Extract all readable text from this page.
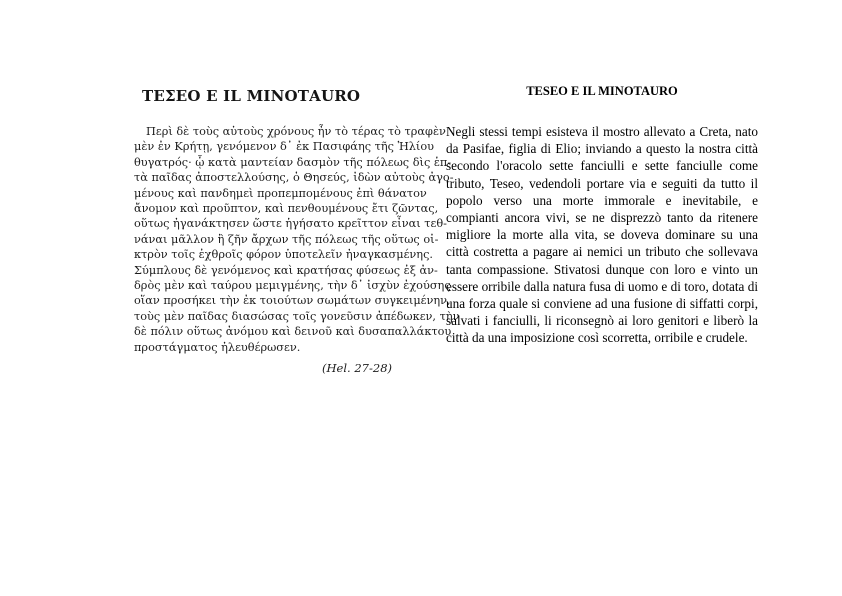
ΤΕΣΕΟ Ε ΙL ΜΙΝΟΤΑURΟ
Περὶ δὲ τοὺς αὐτοὺς χρόνους ἦν τὸ τέρας τὸ τραφὲν
μὲν ἐν Κρήτῃ, γενόμενον δ᾽ ἐκ Πασιφάης τῆς Ἡλίου
θυγατρός· ᾧ κατὰ μαντείαν δασμὸν τῆς πόλεως δὶς ἑπ-
τὰ παῖδας ἀποστελλούσης, ὁ Θησεύς, ἰδὼν αὐτοὺς ἀγο-
μένους καὶ πανδημεὶ προπεμπομένους ἐπὶ θάνατον
ἄνομον καὶ προῦπτον, καὶ πενθουμένους ἔτι ζῶντας,
οὕτως ἠγανάκτησεν ὥστε ἡγήσατο κρεῖττον εἶναι τεθ-
νάναι μᾶλλον ἢ ζῆν ἄρχων τῆς πόλεως τῆς οὕτως οἰ-
κτρὸν τοῖς ἐχθροῖς φόρον ὑποτελεῖν ἠναγκασμένης.
Σύμπλους δὲ γενόμενος καὶ κρατήσας φύσεως ἐξ ἀν-
δρὸς μὲν καὶ ταύρου μεμιγμένης, τὴν δ᾽ ἰσχὺν ἐχούσης
οἵαν προσήκει τὴν ἐκ τοιούτων σωμάτων συγκειμένην,
τοὺς μὲν παῖδας διασώσας τοῖς γονεῦσιν ἀπέδωκεν, τὴν
δὲ πόλιν οὕτως ἀνόμου καὶ δεινοῦ καὶ δυσαπαλλάκτου
προστάγματος ἠλευθέρωσεν.
(Hel. 27-28)
TESEO E IL MINOTAURO

Negli stessi tempi esisteva il mostro allevato a Creta, nato da Pasifae, figlia di Elio; inviando a questo la nostra città secondo l'oracolo sette fanciulli e sette fanciulle come tributo, Teseo, vedendoli portare via e seguiti da tutto il popolo verso una morte immorale e inevitabile, e compianti ancora vivi, se ne disprezzò tanto da ritenere migliore la morte alla vita, se doveva dominare su una città costretta a pagare ai nemici un tributo che sollevava tanta compassione. Stivatosi dunque con loro e vinto un essere orribile dalla natura fusa di uomo e di toro, dotata di una forza quale si conviene ad una fusione di siffatti corpi, salvati i fanciulli, li riconsegnò ai loro genitori e liberò la città da una imposizione così scorretta, orribile e crudele.
